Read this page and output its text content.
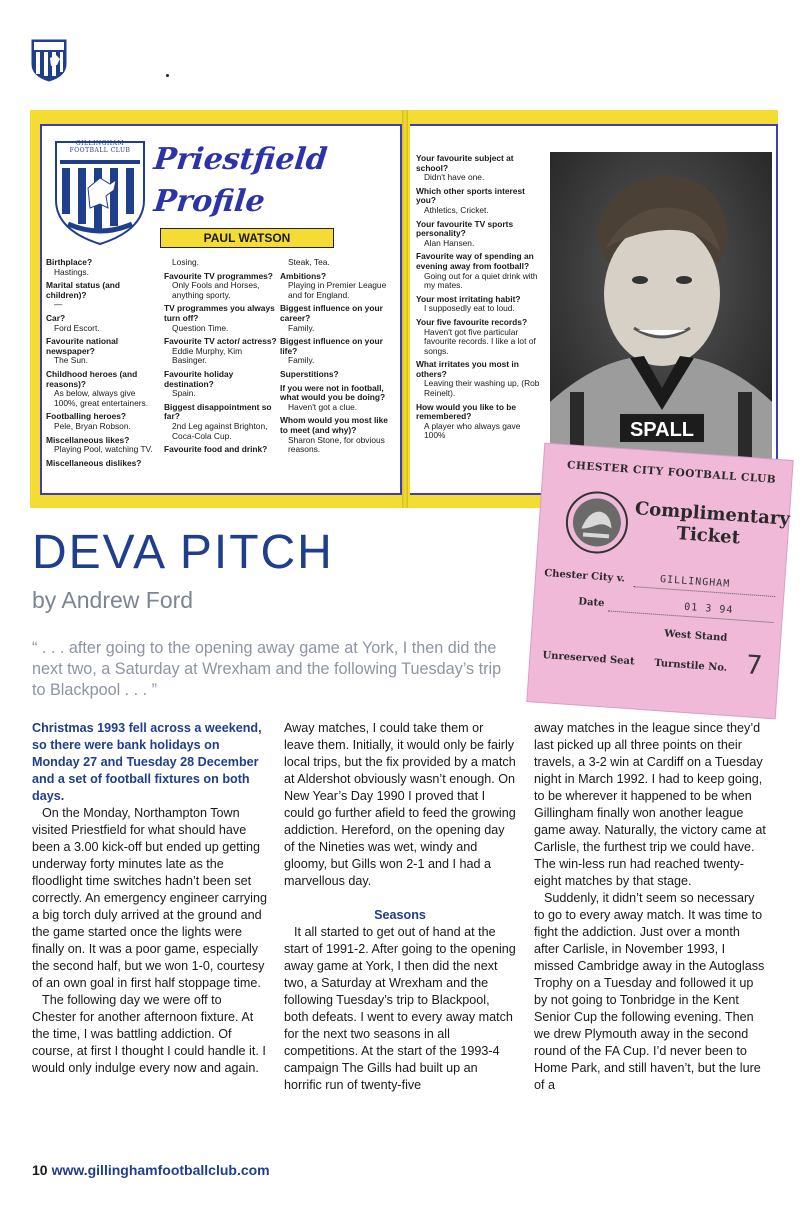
GILLINGHAM
FOOTBALL CLUB Priestfield
Profile
PAUL WATSON
Birthplace?
Hastings.
Marital status (and children)?
—
Car?
Ford Escort.
Favourite national newspaper?
The Sun.
Childhood heroes (and reasons)?
As below, always give 100%, great entertainers.
Footballing heroes?
Pele, Bryan Robson.
Miscellaneous likes?
Playing Pool, watching TV.
Miscellaneous dislikes?
Losing.
Favourite TV programmes?
Only Fools and Horses, anything sporty.
TV programmes you always turn off?
Question Time.
Favourite TV actor/ actress?
Eddie Murphy, Kim Basinger.
Favourite holiday destination?
Spain.
Biggest disappointment so far?
2nd Leg against Brighton, Coca-Cola Cup.
Favourite food and drink?
Steak, Tea.
Ambitions?
Playing in Premier League and for England.
Biggest influence on your career?
Family.
Biggest influence on your life?
Family.
Superstitions?
If you were not in football, what would you be doing?
Haven't got a clue.
Whom would you most like to meet (and why)?
Sharon Stone, for obvious reasons.
Your favourite subject at school?
Didn't have one.
Which other sports interest you?
Athletics, Cricket.
Your favourite TV sports personality?
Alan Hansen.
Favourite way of spending an evening away from football?
Going out for a quiet drink with my mates.
Your most irritating habit?
I supposedly eat to loud.
Your five favourite records?
Haven't got five particular favourite records. I like a lot of songs.
What irritates you most in others?
Leaving their washing up, (Rob Reinelt).
How would you like to be remembered?
A player who always gave 100%	SPALL
CHESTER CITY FOOTBALL CLUB
Complimentary
Ticket
Chester City v.	GILLINGHAM
Date	01 3 94
West Stand
Unreserved Seat Turnstile No. 7
DEVA PITCH
by Andrew Ford
“ . . . after going to the opening away game at York, I then did the next two, a Saturday at Wrexham and the following Tuesday’s trip to Blackpool . . . ”

Christmas 1993 fell across a weekend, so there were bank holidays on Monday 27 and Tuesday 28 December and a set of football fixtures on both days.

On the Monday, Northampton Town visited Priestfield for what should have been a 3.00 kick-off but ended up getting underway forty minutes late as the floodlight time switches hadn’t been set correctly. An emergency engineer carrying a big torch duly arrived at the ground and the game started once the lights were finally on. It was a poor game, especially the second half, but we won 1-0, courtesy of an own goal in first half stoppage time.

The following day we were off to Chester for another afternoon fixture. At the time, I was battling addiction. Of course, at first I thought I could handle it. I would only indulge every now and again.

Away matches, I could take them or leave them. Initially, it would only be fairly local trips, but the fix provided by a match at Aldershot obviously wasn’t enough. On New Year’s Day 1990 I proved that I could go further afield to feed the growing addiction. Hereford, on the opening day of the Nineties was wet, windy and gloomy, but Gills won 2-1 and I had a marvellous day.

Seasons

It all started to get out of hand at the start of 1991-2. After going to the opening away game at York, I then did the next two, a Saturday at Wrexham and the following Tuesday’s trip to Blackpool, both defeats. I went to every away match for the next two seasons in all competitions. At the start of the 1993-4 campaign The Gills had built up an horrific run of twenty-five

away matches in the league since they’d last picked up all three points on their travels, a 3-2 win at Cardiff on a Tuesday night in March 1992. I had to keep going, to be wherever it happened to be when Gillingham finally won another league game away. Naturally, the victory came at Carlisle, the furthest trip we could have. The win-less run had reached twenty-eight matches by that stage.

Suddenly, it didn’t seem so necessary to go to every away match. It was time to fight the addiction. Just over a month after Carlisle, in November 1993, I missed Cambridge away in the Autoglass Trophy on a Tuesday and followed it up by not going to Tonbridge in the Kent Senior Cup the following evening. Then we drew Plymouth away in the second round of the FA Cup. I’d never been to Home Park, and still haven’t, but the lure of a

10 www.gillinghamfootballclub.com
